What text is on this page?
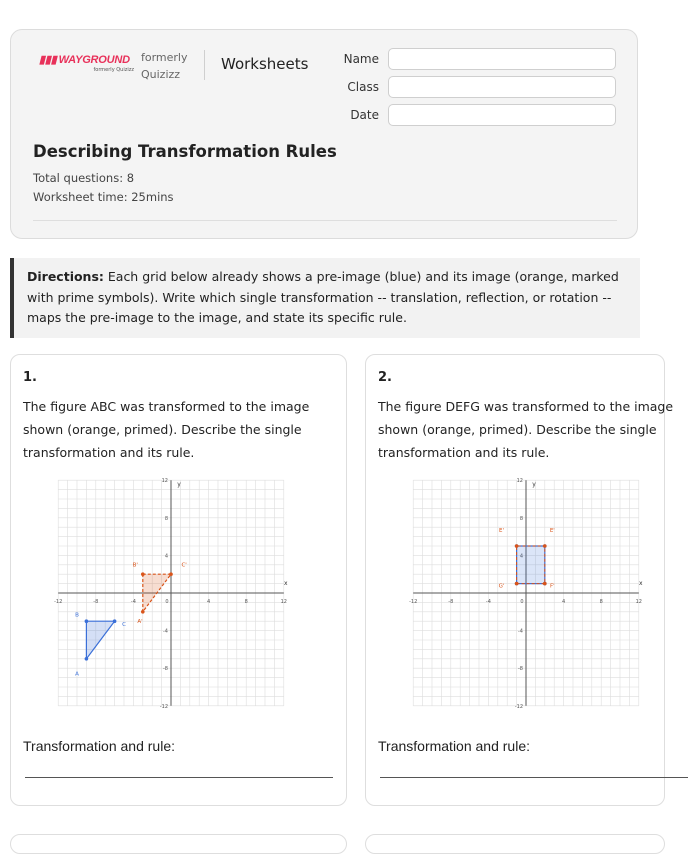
▮▮▮ WAYGROUND
formerly Quizizz
formerly
Quizizz
Worksheets	Name
Class
Date
Describing Transformation Rules
Total questions: 8
Worksheet time: 25mins
Directions: Each grid below already shows a pre-image (blue) and its image (orange, marked with prime symbols). Write which single transformation -- translation, reflection, or rotation -- maps the pre-image to the image, and state its specific rule.
1.
The figure ABC was transformed to the image
shown (orange, primed). Describe the single
transformation and its rule.
-12	-8	-4	0	4	8	12
12
8
4
-4
-8
-12
y
x
B
C
A
B'	C'
A'
Transformation and rule:
2.
The figure DEFG was transformed to the image
shown (orange, primed). Describe the single
transformation and its rule.
-12	-8	-4	0	4	8	12
12
8
4
-4
-8
-12
y
x
G'	F'
E'
E'
Transformation and rule:
